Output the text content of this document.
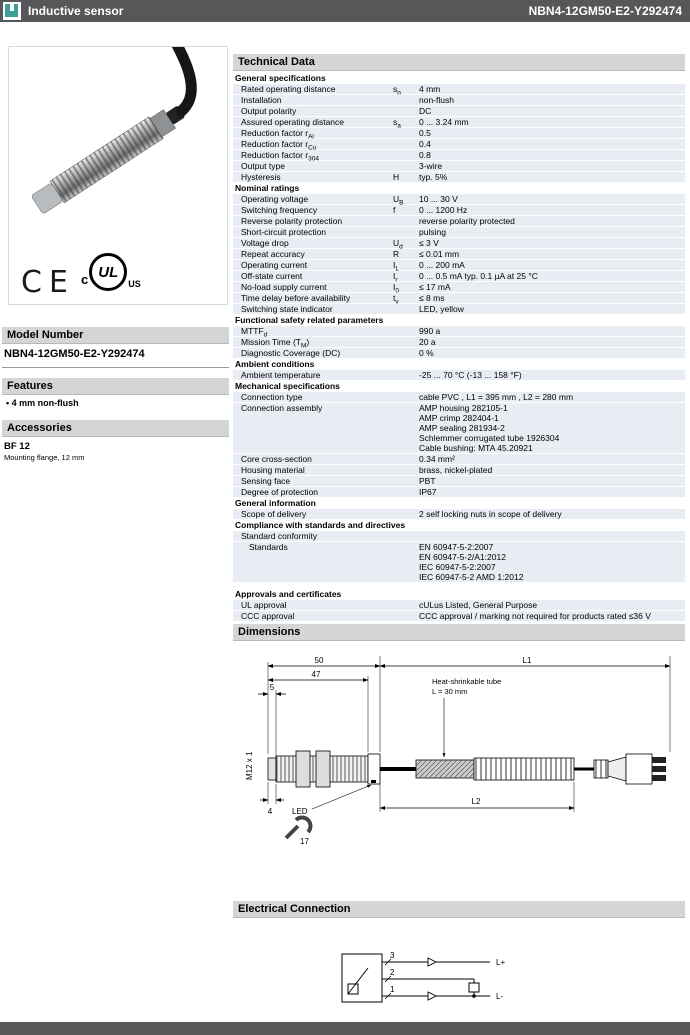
Inductive sensor	NBN4-12GM50-E2-Y292474
CE c UL
US
Model Number
NBN4-12GM50-E2-Y292474
Features
• 4 mm non-flush
Accessories
BF 12
Mounting flange, 12 mm
Technical Data
General specifications
Rated operating distance	$s_n$	4 mm
Installation	non-flush
Output polarity	DC
Assured operating distance	$s_a$	0 ... 3.24 mm
Reduction factor $r_{Al}$	0.5
Reduction factor $r_{Cu}$	0.4
Reduction factor $r_{304}$	0.8
Output type	3-wire
Hysteresis	H	typ. 5%
Nominal ratings
Operating voltage	$U_B$	10 ... 30 V
Switching frequency	f	0 ... 1200 Hz
Reverse polarity protection	reverse polarity protected
Short-circuit protection	pulsing
Voltage drop	$U_d$	≤ 3 V
Repeat accuracy	R	≤ 0.01 mm
Operating current	$I_L$	0 ... 200 mA
Off-state current	$I_r$	0 ... 0.5 mA typ. 0.1 µA at 25 °C
No-load supply current	$I_0$	≤ 17 mA
Time delay before availability	$t_v$	≤ 8 ms
Switching state indicator	LED, yellow
Functional safety related parameters
$MTTF_d$	990 a
Mission Time $(T_M)$	20 a
Diagnostic Coverage (DC)	0 %
Ambient conditions
Ambient temperature	-25 ... 70 °C (-13 ... 158 °F)
Mechanical specifications
Connection type	cable PVC , L1 = 395 mm , L2 = 280 mm
Connection assembly	AMP housing 282105-1
AMP crimp 282404-1
AMP sealing 281934-2
Schlemmer corrugated tube 1926304
Cable bushing: MTA 45.20921
Core cross-section	0.34 mm²
Housing material	brass, nickel-plated
Sensing face	PBT
Degree of protection	IP67
General information
Scope of delivery	2 self locking nuts in scope of delivery
Compliance with standards and directives
Standard conformity
Standards	EN 60947-5-2:2007
EN 60947-5-2/A1:2012
IEC 60947-5-2:2007
IEC 60947-5-2 AMD 1:2012
Approvals and certificates
UL approval	cULus Listed, General Purpose
CCC approval	CCC approval / marking not required for products rated ≤36 V
Dimensions
50	L1
47
5
M12 x 1
Heat-shrinkable tube
L = 30 mm
LED
L2
4
17
Electrical Connection
3
L+
2
1
L-
